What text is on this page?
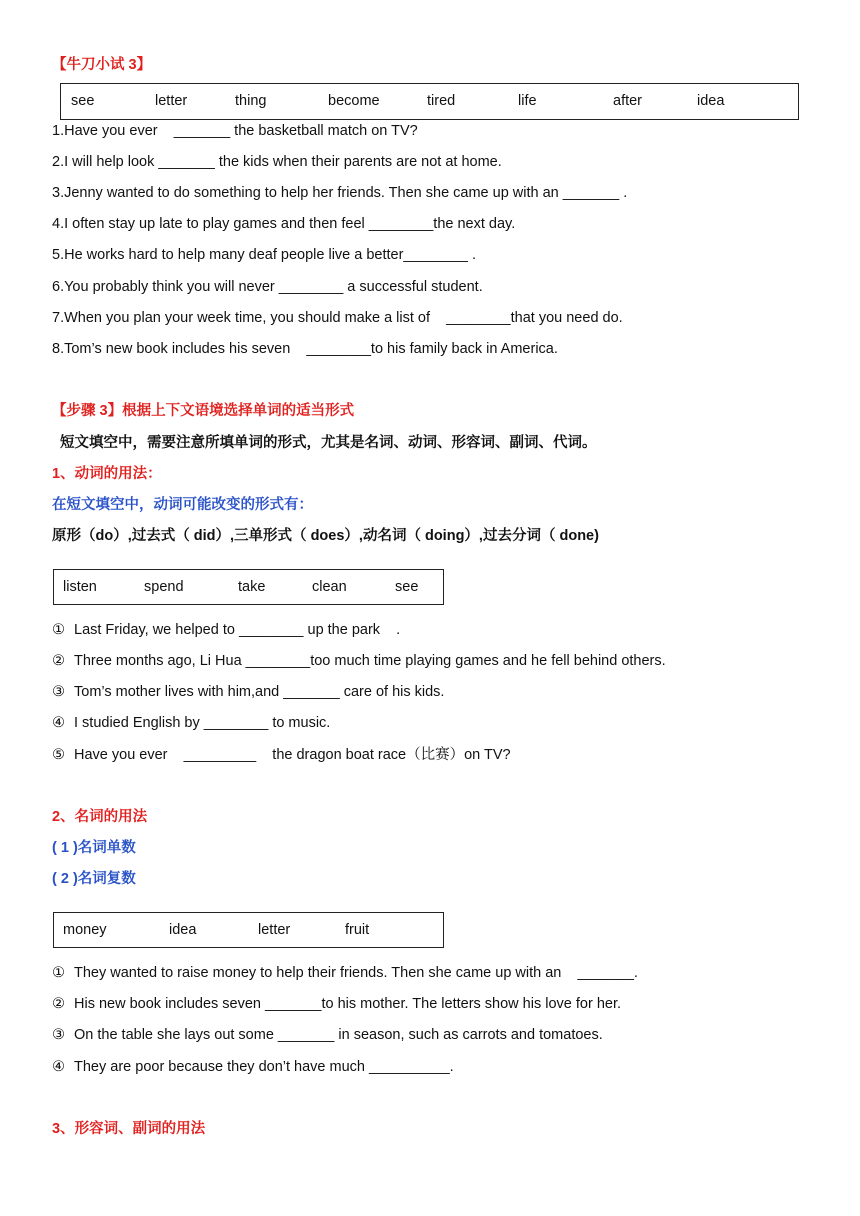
【牛刀小试 3】
see	letter	thing	become	tired	life	after	idea
1.Have you ever    _______ the basketball match on TV?
2.I will help look _______ the kids when their parents are not at home.
3.Jenny wanted to do something to help her friends. Then she came up with an _______ .
4.I often stay up late to play games and then feel ________the next day.
5.He works hard to help many deaf people live a better________ .
6.You probably think you will never ________ a successful student.
7.When you plan your week time, you should make a list of    ________that you need do.
8.Tom’s new book includes his seven    ________to his family back in America.
【步骤 3】根据上下文语境选择单词的适当形式
短文填空中，需要注意所填单词的形式，尤其是名词、动词、形容词、副词、代词。
1、动词的用法：
在短文填空中，动词可能改变的形式有：
原形（do）,过去式（ did）,三单形式（ does）,动名词（ doing）,过去分词（ done)
listen	spend	take	clean	see
① Last Friday, we helped to ________ up the park    .
② Three months ago, Li Hua ________too much time playing games and he fell behind others.
③ Tom’s mother lives with him,and _______ care of his kids.
④ I studied English by ________ to music.
⑤ Have you ever    _________    the dragon boat race（比赛）on TV?
2、名词的用法
( 1 )名词单数
( 2 )名词复数
money	idea	letter	fruit
① They wanted to raise money to help their friends. Then she came up with an    _______.
② His new book includes seven _______to his mother. The letters show his love for her.
③ On the table she lays out some _______ in season, such as carrots and tomatoes.
④ They are poor because they don’t have much __________.
3、形容词、副词的用法
